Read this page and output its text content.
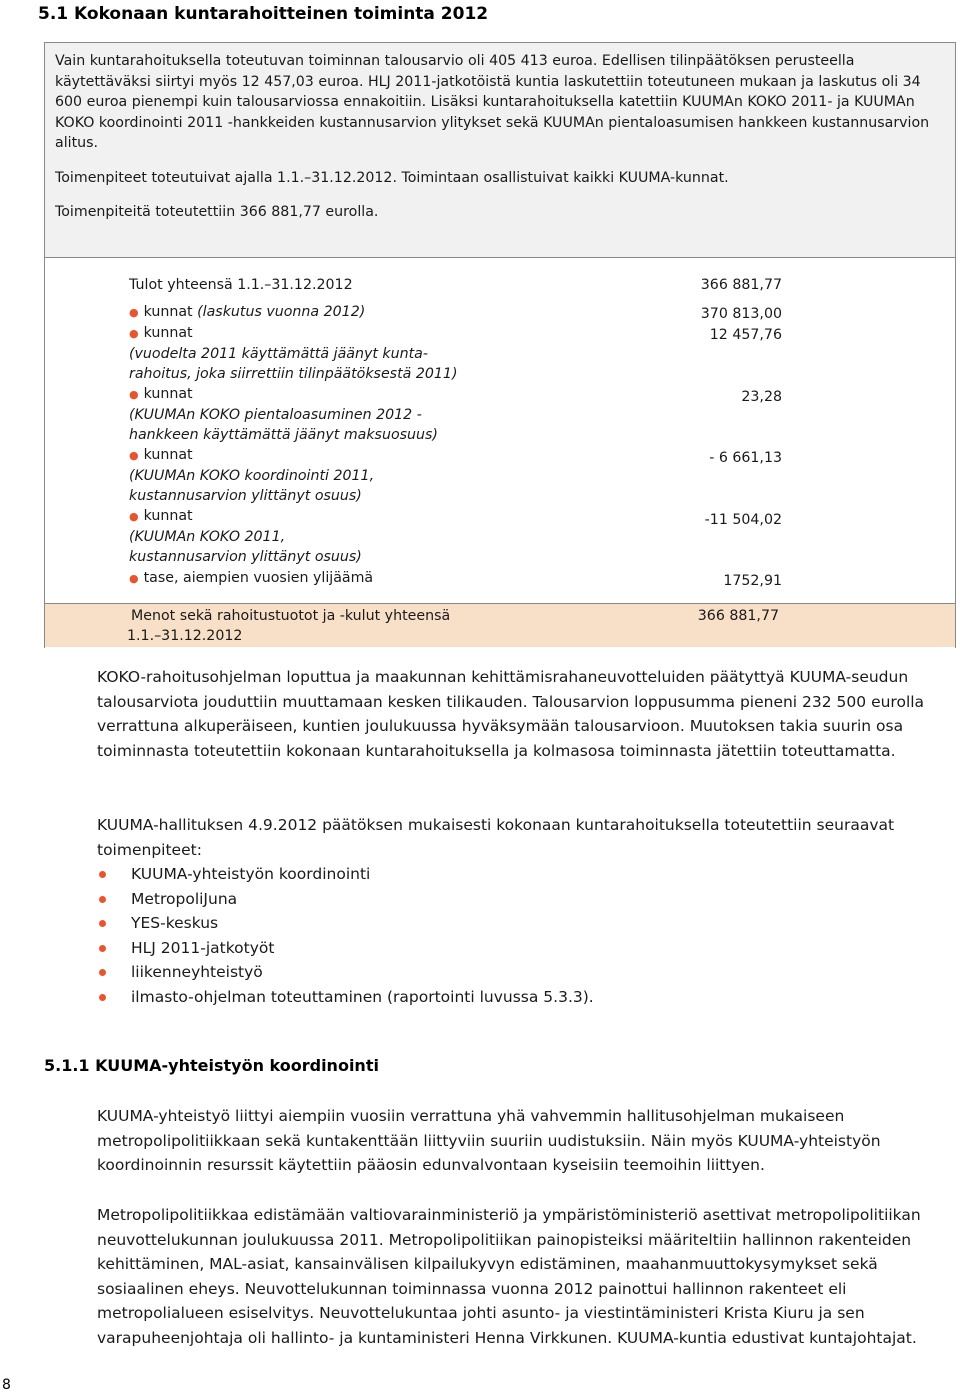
5.1 Kokonaan kuntarahoitteinen toiminta 2012

Vain kuntarahoituksella toteutuvan toiminnan talousarvio oli 405 413 euroa. Edellisen tilinpäätöksen perusteella käytettäväksi siirtyi myös 12 457,03 euroa. HLJ 2011-jatkotöistä kuntia laskutettiin toteutuneen mukaan ja laskutus oli 34 600 euroa pienempi kuin talousarviossa ennakoitiin. Lisäksi kuntarahoituksella katettiin KUUMAn KOKO 2011- ja KUUMAn KOKO koordinointi 2011 -hankkeiden kustannusarvion ylitykset sekä KUUMAn pientaloasumisen hankkeen kustannusarvion alitus.

Toimenpiteet toteutuivat ajalla 1.1.–31.12.2012. Toimintaan osallistuivat kaikki KUUMA-kunnat.

Toimenpiteitä toteutettiin 366 881,77 eurolla.

Tulot yhteensä 1.1.–31.12.2012	366 881,77
● kunnat (laskutus vuonna 2012)	370 813,00
● kunnat
(vuodelta 2011 käyttämättä jäänyt kunta-
rahoitus, joka siirrettiin tilinpäätöksestä 2011)
12 457,76
● kunnat
(KUUMAn KOKO pientaloasuminen 2012 -
hankkeen käyttämättä jäänyt maksuosuus)
23,28
● kunnat
(KUUMAn KOKO koordinointi 2011,
kustannusarvion ylittänyt osuus)
- 6 661,13
● kunnat
(KUUMAn KOKO 2011,
kustannusarvion ylittänyt osuus)
-11 504,02
● tase, aiempien vuosien ylijäämä	1752,91
Menot sekä rahoitustuotot ja -kulut yhteensä
1.1.–31.12.2012
366 881,77

KOKO-rahoitusohjelman loputtua ja maakunnan kehittämisrahaneuvotteluiden päätyttyä KUUMA-seudun talousarviota jouduttiin muuttamaan kesken tilikauden. Talousarvion loppusumma pieneni 232 500 eurolla verrattuna alkuperäiseen, kuntien joulukuussa hyväksymään talousarvioon. Muutoksen takia suurin osa toiminnasta toteutettiin kokonaan kuntarahoituksella ja kolmasosa toiminnasta jätettiin toteuttamatta.

KUUMA-hallituksen 4.9.2012 päätöksen mukaisesti kokonaan kuntarahoituksella toteutettiin seuraavat toimenpiteet:

KUUMA-yhteistyön koordinointi
MetropoliJuna
YES-keskus
HLJ 2011-jatkotyöt
liikenneyhteistyö
ilmasto-ohjelman toteuttaminen (raportointi luvussa 5.3.3).
5.1.1 KUUMA-yhteistyön koordinointi

KUUMA-yhteistyö liittyi aiempiin vuosiin verrattuna yhä vahvemmin hallitusohjelman mukaiseen metropolipolitiikkaan sekä kuntakenttään liittyviin suuriin uudistuksiin. Näin myös KUUMA-yhteistyön koordinoinnin resurssit käytettiin pääosin edunvalvontaan kyseisiin teemoihin liittyen.

Metropolipolitiikkaa edistämään valtiovarainministeriö ja ympäristöministeriö asettivat metropolipolitiikan neuvottelukunnan joulukuussa 2011. Metropolipolitiikan painopisteiksi määriteltiin hallinnon rakenteiden kehittäminen, MAL-asiat, kansainvälisen kilpailukyvyn edistäminen, maahanmuuttokysymykset sekä sosiaalinen eheys. Neuvottelukunnan toiminnassa vuonna 2012 painottui hallinnon rakenteet eli metropolialueen esiselvitys. Neuvottelukuntaa johti asunto- ja viestintäministeri Krista Kiuru ja sen varapuheenjohtaja oli hallinto- ja kuntaministeri Henna Virkkunen. KUUMA-kuntia edustivat kuntajohtajat.

8
